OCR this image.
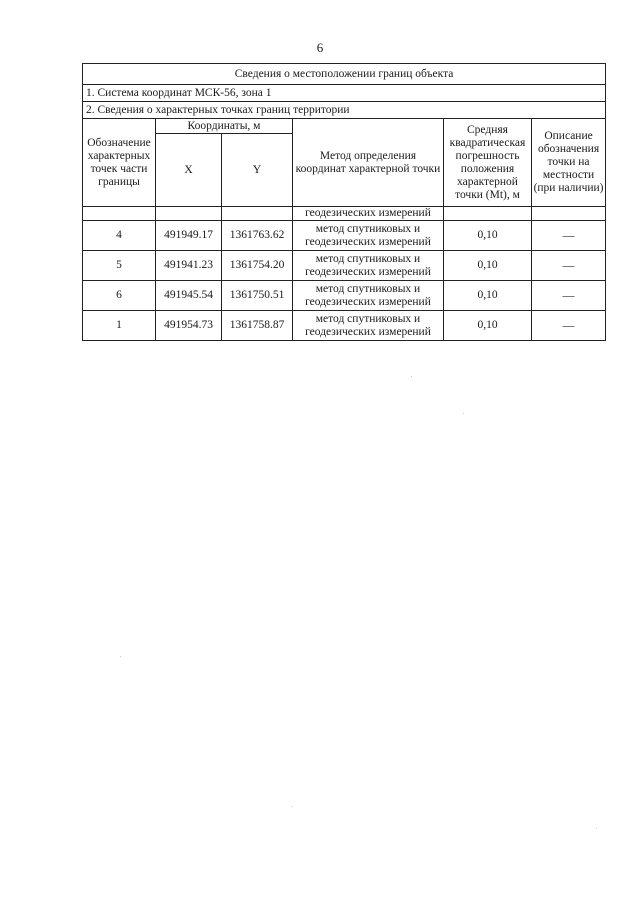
6
Сведения о местоположении границ объекта					
1. Система координат МСК-56, зона 1					
2. Сведения о характерных точках границ территории					
Обозначение характерных точек части границы	Координаты, м		Метод определения координат характерной точки	Средняя квадратическая погрешность положения характерной точки (Mt), м	Описание обозначения точки на местности (при наличии)
	X	Y			
			геодезических измерений		
4	491949.17	1361763.62	метод спутниковых и геодезических измерений	0,10	—
5	491941.23	1361754.20	метод спутниковых и геодезических измерений	0,10	—
6	491945.54	1361750.51	метод спутниковых и геодезических измерений	0,10	—
1	491954.73	1361758.87	метод спутниковых и геодезических измерений	0,10	—
